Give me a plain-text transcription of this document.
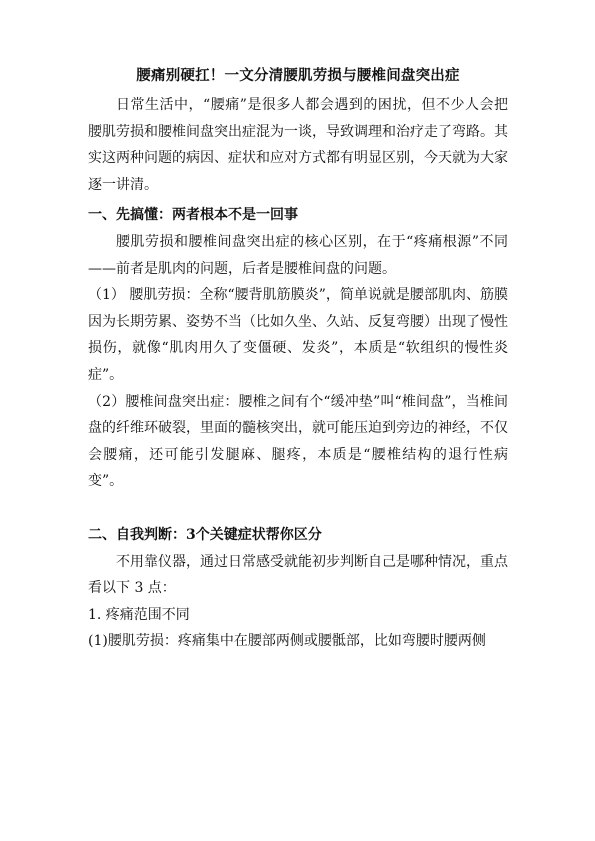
腰痛别硬扛！一文分清腰肌劳损与腰椎间盘突出症

日常生活中，“腰痛”是很多人都会遇到的困扰，但不少人会把腰肌劳损和腰椎间盘突出症混为一谈，导致调理和治疗走了弯路。其实这两种问题的病因、症状和应对方式都有明显区别，今天就为大家逐一讲清。

一、先搞懂：两者根本不是一回事

腰肌劳损和腰椎间盘突出症的核心区别，在于“疼痛根源”不同——前者是肌肉的问题，后者是腰椎间盘的问题。

（1） 腰肌劳损：全称“腰背肌筋膜炎”，简单说就是腰部肌肉、筋膜因为长期劳累、姿势不当（比如久坐、久站、反复弯腰）出现了慢性损伤，就像“肌肉用久了变僵硬、发炎”，本质是“软组织的慢性炎症”。

（2）腰椎间盘突出症：腰椎之间有个“缓冲垫”叫“椎间盘”，当椎间盘的纤维环破裂，里面的髓核突出，就可能压迫到旁边的神经，不仅会腰痛，还可能引发腿麻、腿疼，本质是“腰椎结构的退行性病变”。

二、自我判断：3个关键症状帮你区分

不用靠仪器，通过日常感受就能初步判断自己是哪种情况，重点看以下 3 点：

1. 疼痛范围不同

(1)腰肌劳损：疼痛集中在腰部两侧或腰骶部，比如弯腰时腰两侧
